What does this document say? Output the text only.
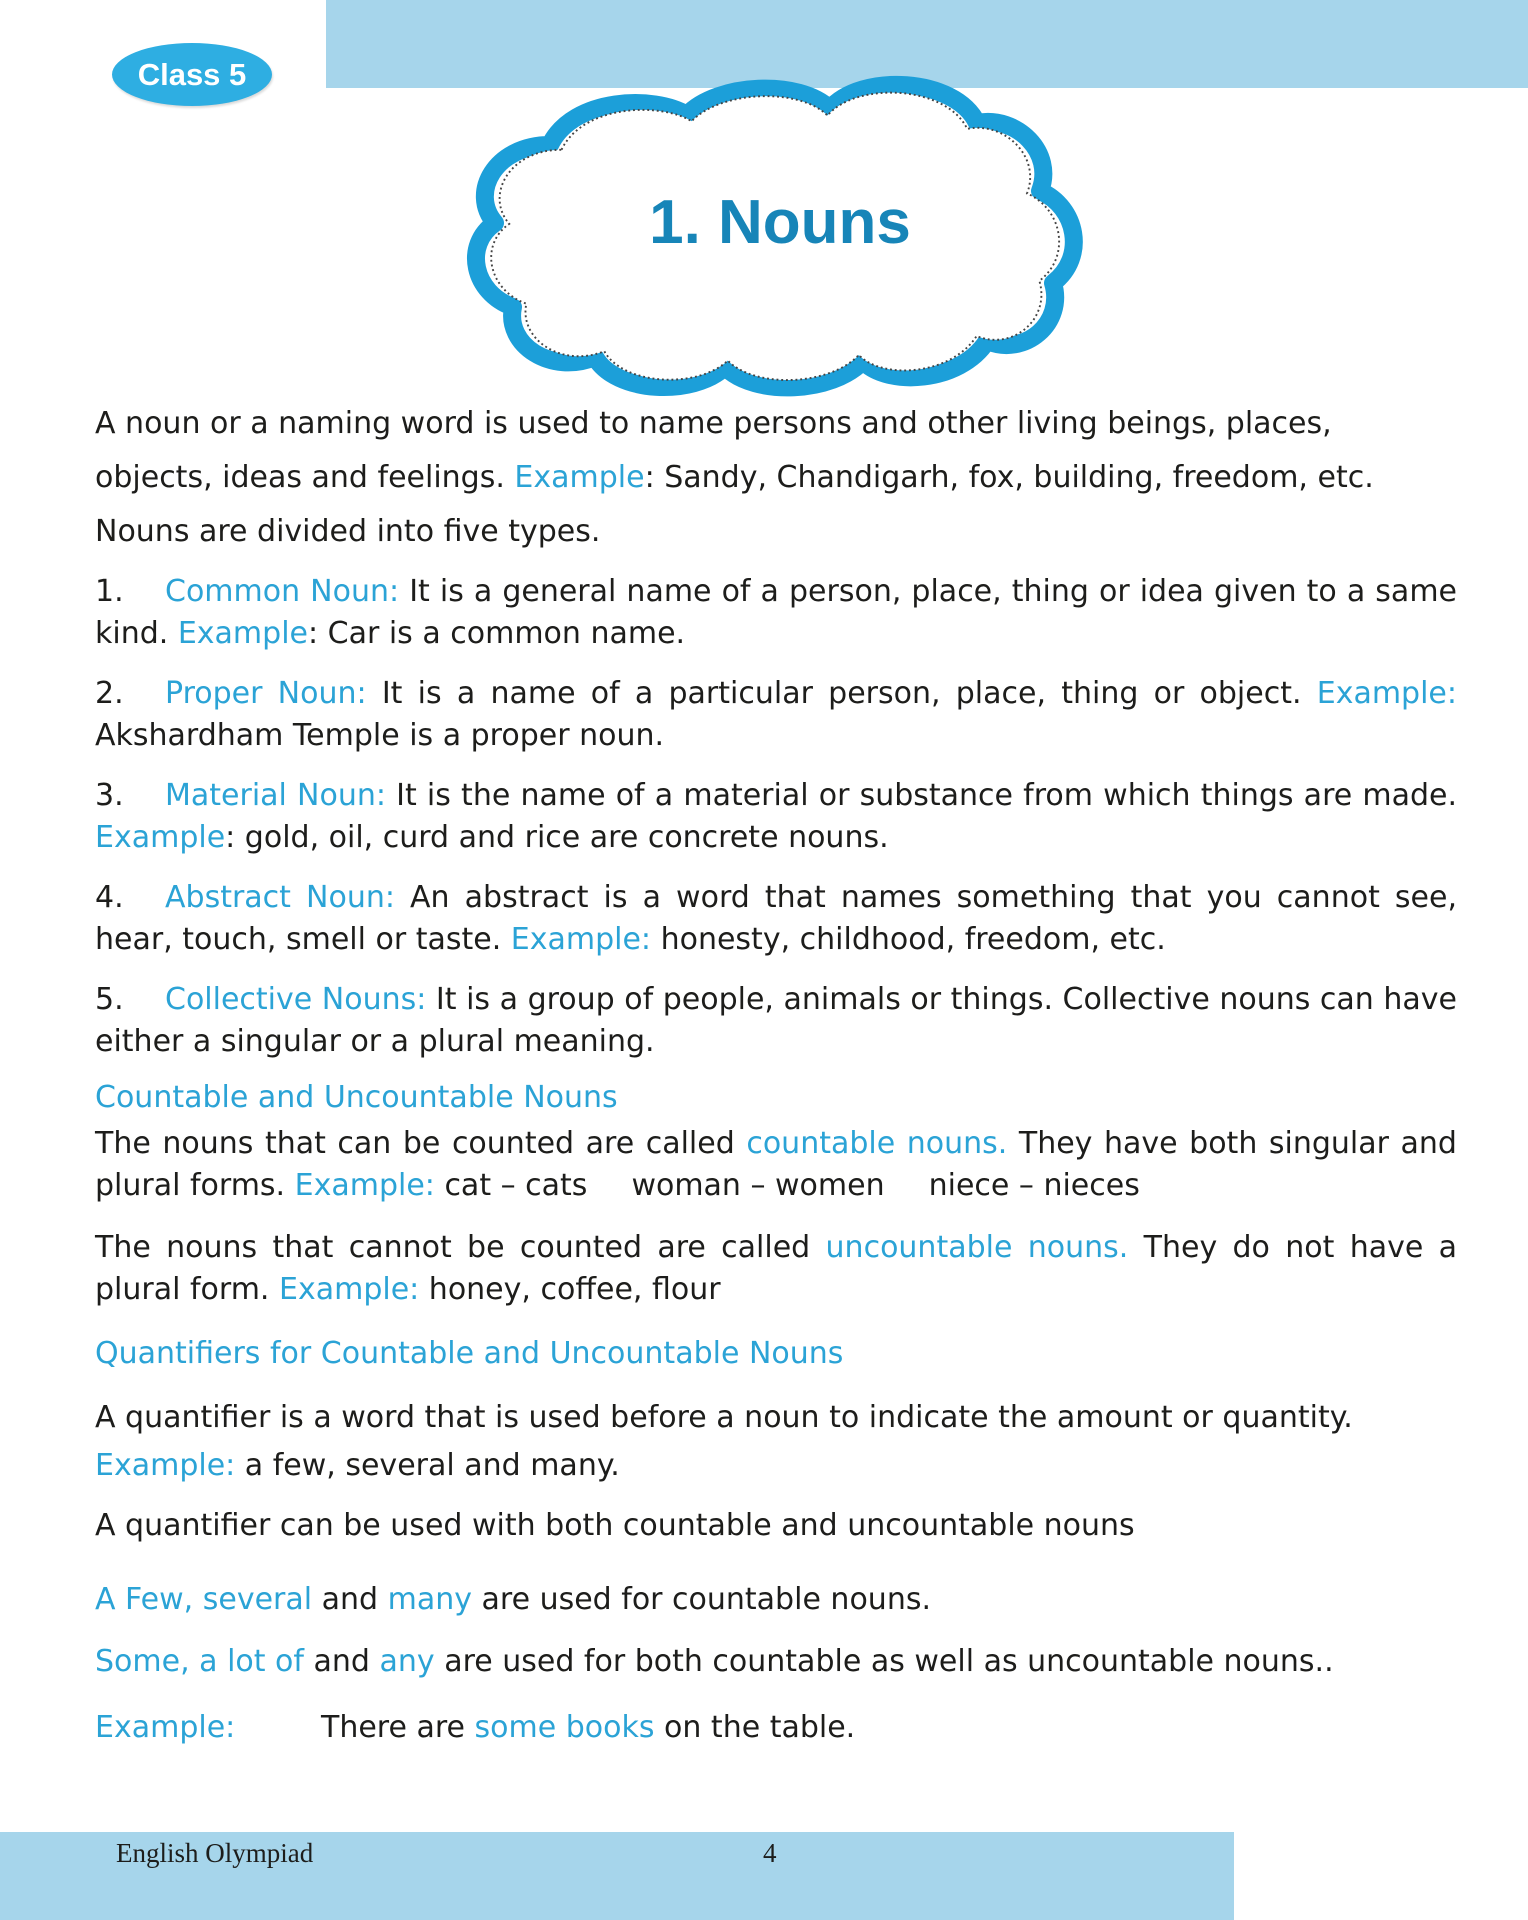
Class 5
1. Nouns

A noun or a naming word is used to name persons and other living beings, places,

objects, ideas and feelings. Example: Sandy, Chandigarh, fox, building, freedom, etc.

Nouns are divided into five types.

1. Common Noun: It is a general name of a person, place, thing or idea given to a same kind. Example: Car is a common name.

2. Proper Noun: It is a name of a particular person, place, thing or object. Example: Akshardham Temple is a proper noun.

3. Material Noun: It is the name of a material or substance from which things are made. Example: gold, oil, curd and rice are concrete nouns.

4. Abstract Noun: An abstract is a word that names something that you cannot see, hear, touch, smell or taste. Example: honesty, childhood, freedom, etc.

5. Collective Nouns: It is a group of people, animals or things. Collective nouns can have either a singular or a plural meaning.

Countable and Uncountable Nouns

The nouns that can be counted are called countable nouns. They have both singular and plural forms. Example: cat – cats woman – women niece – nieces

The nouns that cannot be counted are called uncountable nouns. They do not have a plural form. Example: honey, coffee, flour

Quantifiers for Countable and Uncountable Nouns

A quantifier is a word that is used before a noun to indicate the amount or quantity.

Example: a few, several and many.

A quantifier can be used with both countable and uncountable nouns

A Few, several and many are used for countable nouns.

Some, a lot of and any are used for both countable as well as uncountable nouns..

Example:	There are some books on the table.

English Olympiad	4
